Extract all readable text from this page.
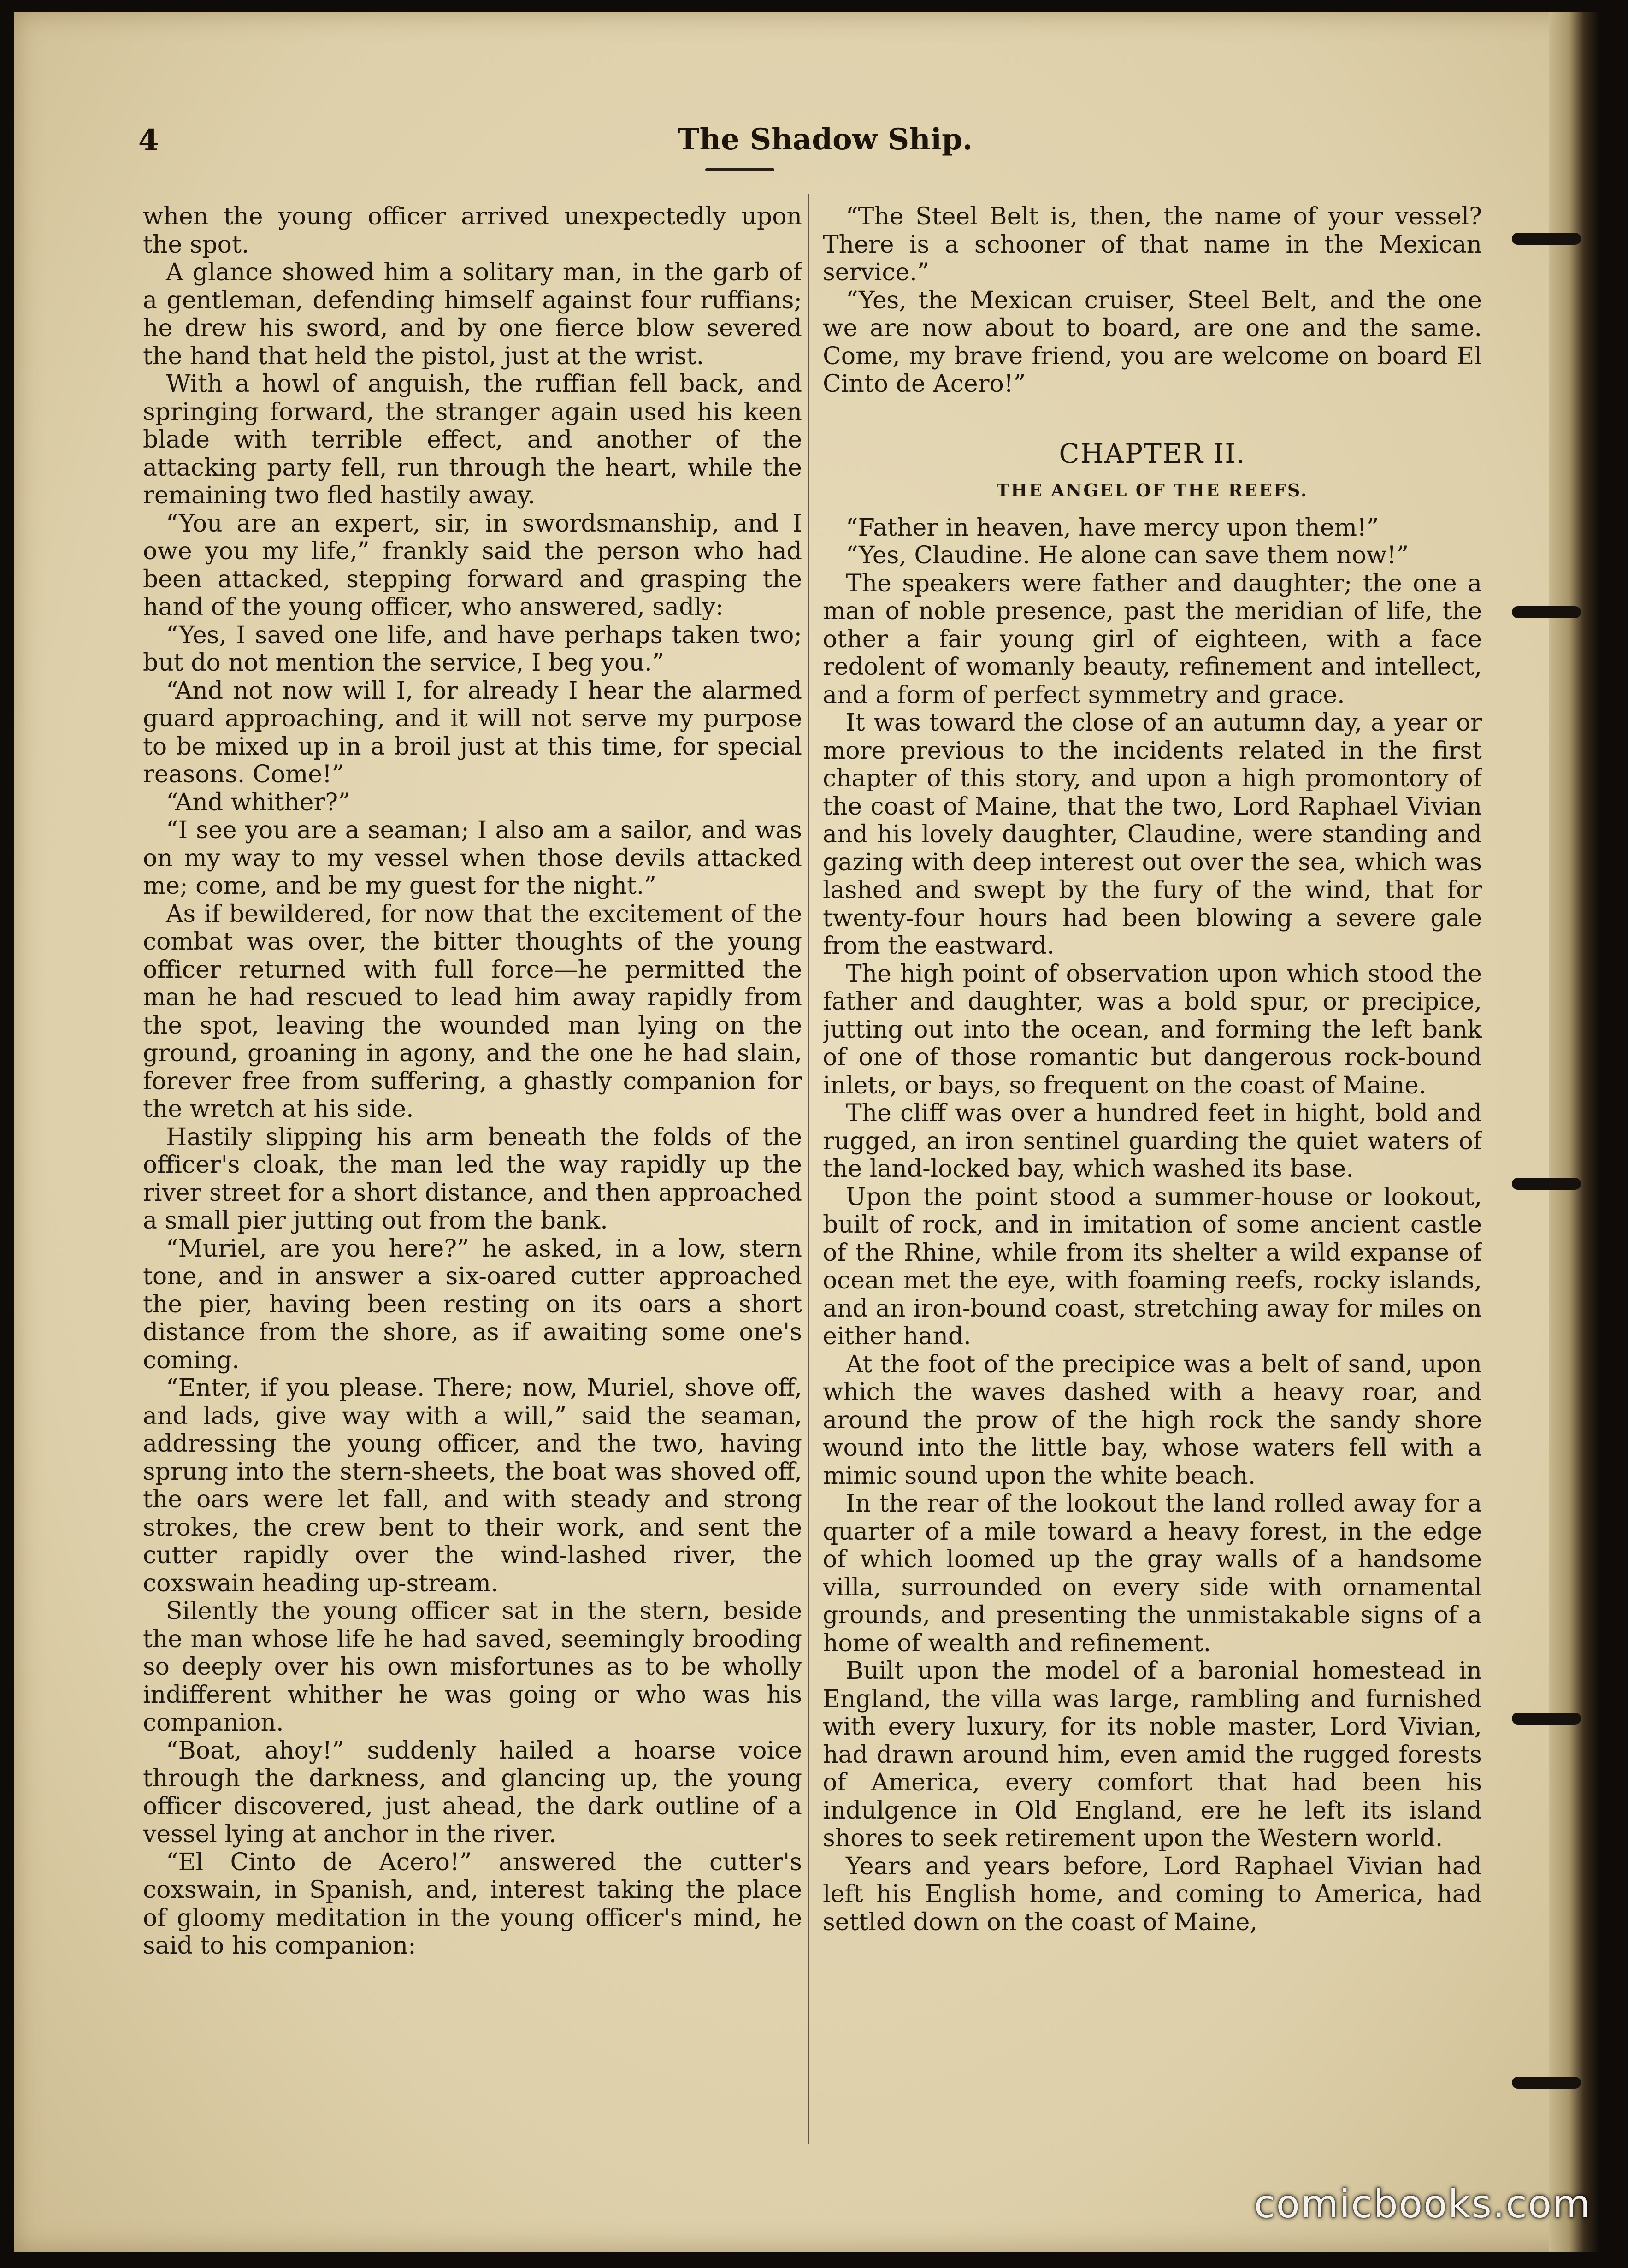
4	The Shadow Ship.

when the young officer arrived unexpectedly upon the spot.

A glance showed him a solitary man, in the garb of a gentleman, defending himself against four ruffians; he drew his sword, and by one fierce blow severed the hand that held the pistol, just at the wrist.

With a howl of anguish, the ruffian fell back, and springing forward, the stranger again used his keen blade with terrible effect, and another of the attacking party fell, run through the heart, while the remaining two fled hastily away.

“You are an expert, sir, in swordsmanship, and I owe you my life,” frankly said the person who had been attacked, stepping forward and grasping the hand of the young officer, who answered, sadly:

“Yes, I saved one life, and have perhaps taken two; but do not mention the service, I beg you.”

“And not now will I, for already I hear the alarmed guard approaching, and it will not serve my purpose to be mixed up in a broil just at this time, for special reasons. Come!”

“And whither?”

“I see you are a seaman; I also am a sailor, and was on my way to my vessel when those devils attacked me; come, and be my guest for the night.”

As if bewildered, for now that the excitement of the combat was over, the bitter thoughts of the young officer returned with full force—he permitted the man he had rescued to lead him away rapidly from the spot, leaving the wounded man lying on the ground, groaning in agony, and the one he had slain, forever free from suffering, a ghastly companion for the wretch at his side.

Hastily slipping his arm beneath the folds of the officer's cloak, the man led the way rapidly up the river street for a short distance, and then approached a small pier jutting out from the bank.

“Muriel, are you here?” he asked, in a low, stern tone, and in answer a six-oared cutter approached the pier, having been resting on its oars a short distance from the shore, as if awaiting some one's coming.

“Enter, if you please. There; now, Muriel, shove off, and lads, give way with a will,” said the seaman, addressing the young officer, and the two, having sprung into the stern-sheets, the boat was shoved off, the oars were let fall, and with steady and strong strokes, the crew bent to their work, and sent the cutter rapidly over the wind-lashed river, the coxswain heading up-stream.

Silently the young officer sat in the stern, beside the man whose life he had saved, seemingly brooding so deeply over his own misfortunes as to be wholly indifferent whither he was going or who was his companion.

“Boat, ahoy!” suddenly hailed a hoarse voice through the darkness, and glancing up, the young officer discovered, just ahead, the dark outline of a vessel lying at anchor in the river.

“El Cinto de Acero!” answered the cutter's coxswain, in Spanish, and, interest taking the place of gloomy meditation in the young officer's mind, he said to his companion:

“The Steel Belt is, then, the name of your vessel? There is a schooner of that name in the Mexican service.”

“Yes, the Mexican cruiser, Steel Belt, and the one we are now about to board, are one and the same. Come, my brave friend, you are welcome on board El Cinto de Acero!”

CHAPTER II.
THE ANGEL OF THE REEFS.

“Father in heaven, have mercy upon them!”

“Yes, Claudine. He alone can save them now!”

The speakers were father and daughter; the one a man of noble presence, past the meridian of life, the other a fair young girl of eighteen, with a face redolent of womanly beauty, refinement and intellect, and a form of perfect symmetry and grace.

It was toward the close of an autumn day, a year or more previous to the incidents related in the first chapter of this story, and upon a high promontory of the coast of Maine, that the two, Lord Raphael Vivian and his lovely daughter, Claudine, were standing and gazing with deep interest out over the sea, which was lashed and swept by the fury of the wind, that for twenty-four hours had been blowing a severe gale from the eastward.

The high point of observation upon which stood the father and daughter, was a bold spur, or precipice, jutting out into the ocean, and forming the left bank of one of those romantic but dangerous rock-bound inlets, or bays, so frequent on the coast of Maine.

The cliff was over a hundred feet in hight, bold and rugged, an iron sentinel guarding the quiet waters of the land-locked bay, which washed its base.

Upon the point stood a summer-house or lookout, built of rock, and in imitation of some ancient castle of the Rhine, while from its shelter a wild expanse of ocean met the eye, with foaming reefs, rocky islands, and an iron-bound coast, stretching away for miles on either hand.

At the foot of the precipice was a belt of sand, upon which the waves dashed with a heavy roar, and around the prow of the high rock the sandy shore wound into the little bay, whose waters fell with a mimic sound upon the white beach.

In the rear of the lookout the land rolled away for a quarter of a mile toward a heavy forest, in the edge of which loomed up the gray walls of a handsome villa, surrounded on every side with ornamental grounds, and presenting the unmistakable signs of a home of wealth and refinement.

Built upon the model of a baronial homestead in England, the villa was large, rambling and furnished with every luxury, for its noble master, Lord Vivian, had drawn around him, even amid the rugged forests of America, every comfort that had been his indulgence in Old England, ere he left its island shores to seek retirement upon the Western world.

Years and years before, Lord Raphael Vivian had left his English home, and coming to America, had settled down on the coast of Maine,

comicbooks.com
